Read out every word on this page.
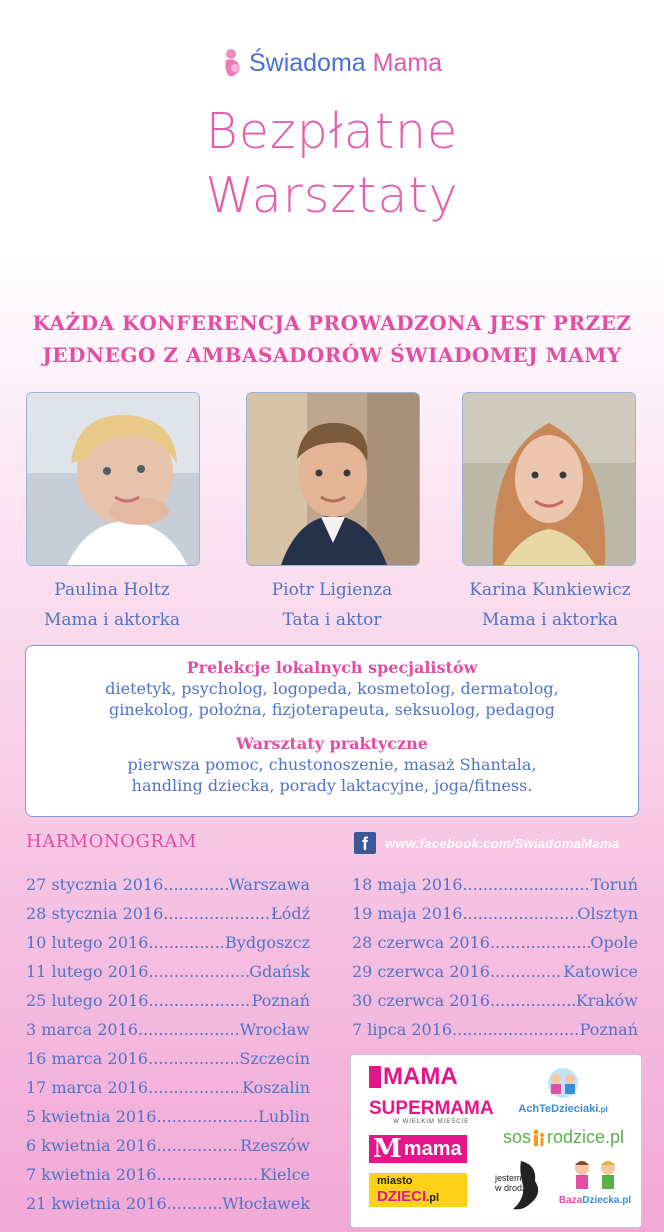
Świadoma Mama
Bezpłatne
Warsztaty
KAŻDA KONFERENCJA PROWADZONA JEST PRZEZ
JEDNEGO Z AMBASADORÓW ŚWIADOMEJ MAMY
Paulina Holtz
Mama i aktorka
Piotr Ligienza
Tata i aktor
Karina Kunkiewicz
Mama i aktorka
Prelekcje lokalnych specjalistów
dietetyk, psycholog, logopeda, kosmetolog, dermatolog,
ginekolog, położna, fizjoterapeuta, seksuolog, pedagog
Warsztaty praktyczne
pierwsza pomoc, chustonoszenie, masaż Shantala,
handling dziecka, porady laktacyjne, joga/fitness.
HARMONOGRAM	f	www.facebook.com/SwiadomaMama
27 stycznia 2016 .....	Warszawa
28 stycznia 2016 .....	Łódź
10 lutego 2016 .....	Bydgoszcz
11 lutego 2016 .....	Gdańsk
25 lutego 2016 .....	Poznań
3 marca 2016 .....	Wrocław
16 marca 2016 .....	Szczecin
17 marca 2016 .....	Koszalin
5 kwietnia 2016 .....	Lublin
6 kwietnia 2016 .....	Rzeszów
7 kwietnia 2016 .....	Kielce
21 kwietnia 2016 .....	Włocławek
18 maja 2016 .....	Toruń
19 maja 2016 .....	Olsztyn
28 czerwca 2016 .....	Opole
29 czerwca 2016 .....	Katowice
30 czerwca 2016 .....	Kraków
7 lipca 2016 .....	Poznań
MAMA
SUPERMAMA
W WIELKIM MIEŚCIE
M mama
miasto
DZIECI.pl
AchTeDzieciaki.pl
sos rodzice.pl
jestem
w drodze
BazaDziecka.pl
